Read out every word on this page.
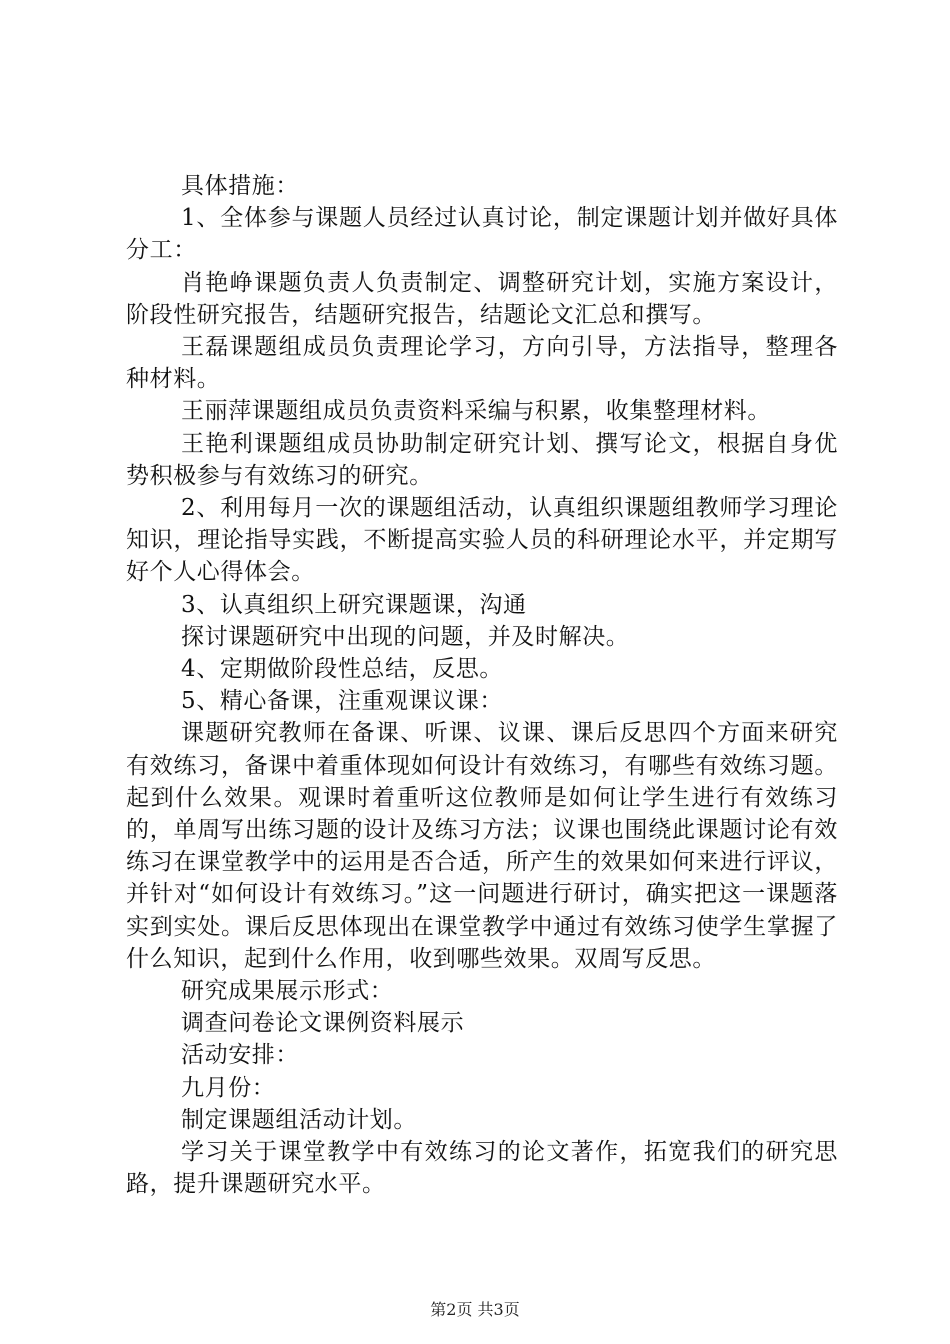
具体措施：

1、全体参与课题人员经过认真讨论，制定课题计划并做好具体分工：

肖艳峥课题负责人负责制定、调整研究计划，实施方案设计，阶段性研究报告，结题研究报告，结题论文汇总和撰写。

王磊课题组成员负责理论学习，方向引导，方法指导，整理各种材料。

王丽萍课题组成员负责资料采编与积累，收集整理材料。

王艳利课题组成员协助制定研究计划、撰写论文，根据自身优势积极参与有效练习的研究。

2、利用每月一次的课题组活动，认真组织课题组教师学习理论知识，理论指导实践，不断提高实验人员的科研理论水平，并定期写好个人心得体会。

3、认真组织上研究课题课，沟通

探讨课题研究中出现的问题，并及时解决。

4、定期做阶段性总结，反思。

5、精心备课，注重观课议课：

课题研究教师在备课、听课、议课、课后反思四个方面来研究有效练习，备课中着重体现如何设计有效练习，有哪些有效练习题。起到什么效果。观课时着重听这位教师是如何让学生进行有效练习的，单周写出练习题的设计及练习方法；议课也围绕此课题讨论有效练习在课堂教学中的运用是否合适，所产生的效果如何来进行评议，并针对“如何设计有效练习。”这一问题进行研讨，确实把这一课题落实到实处。课后反思体现出在课堂教学中通过有效练习使学生掌握了什么知识，起到什么作用，收到哪些效果。双周写反思。

研究成果展示形式：

调查问卷论文课例资料展示

活动安排：

九月份：

制定课题组活动计划。

学习关于课堂教学中有效练习的论文著作，拓宽我们的研究思路，提升课题研究水平。

第2页 共3页
